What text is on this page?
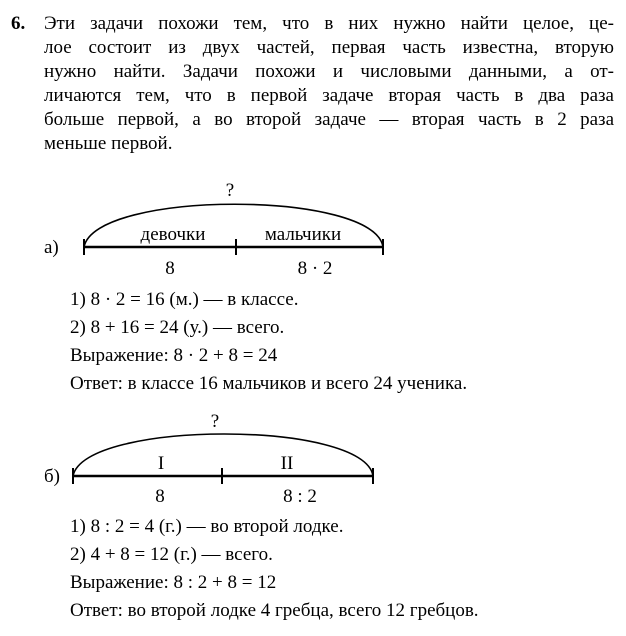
6. Эти задачи похожи тем, что в них нужно найти целое, це-
лое состоит из двух частей, первая часть известна, вторую
нужно найти. Задачи похожи и числовыми данными, а от-
личаются тем, что в первой задаче вторая часть в два раза
больше первой, а во второй задаче — вторая часть в 2 раза
меньше первой.
а)
?
девочки	мальчики
8	8 · 2
б)
?
I	II
8	8 : 2
1) 8 · 2 = 16 (м.) — в классе.
2) 8 + 16 = 24 (у.) — всего.
Выражение: 8 · 2 + 8 = 24
Ответ: в классе 16 мальчиков и всего 24 ученика.
1) 8 : 2 = 4 (г.) — во второй лодке.
2) 4 + 8 = 12 (г.) — всего.
Выражение: 8 : 2 + 8 = 12
Ответ: во второй лодке 4 гребца, всего 12 гребцов.
